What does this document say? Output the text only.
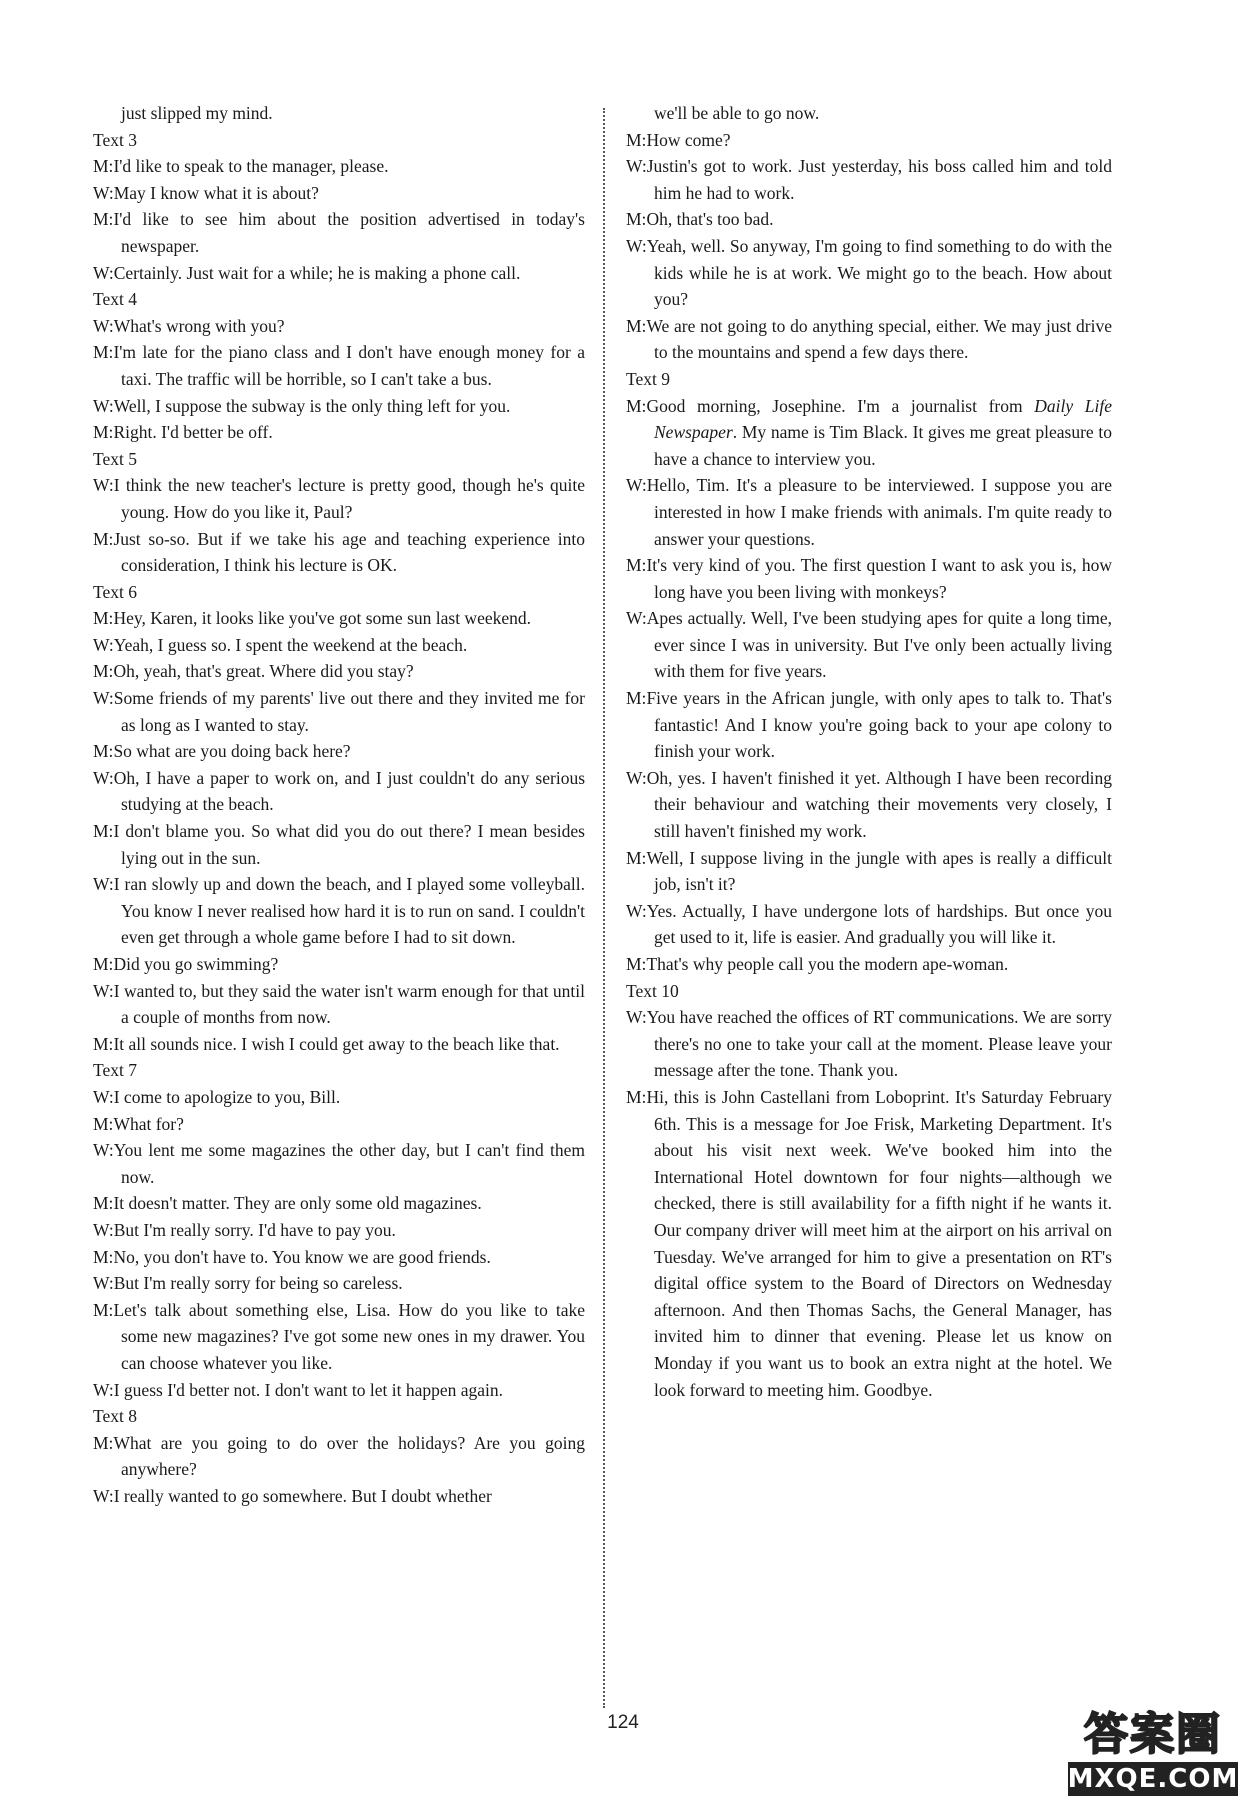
just slipped my mind.
Text 3
M:I'd like to speak to the manager, please.
W:May I know what it is about?
M:I'd like to see him about the position advertised in today's newspaper.
W:Certainly. Just wait for a while; he is making a phone call.
Text 4
W:What's wrong with you?
M:I'm late for the piano class and I don't have enough money for a taxi. The traffic will be horrible, so I can't take a bus.
W:Well, I suppose the subway is the only thing left for you.
M:Right. I'd better be off.
Text 5
W:I think the new teacher's lecture is pretty good, though he's quite young. How do you like it, Paul?
M:Just so-so. But if we take his age and teaching experience into consideration, I think his lecture is OK.
Text 6
M:Hey, Karen, it looks like you've got some sun last weekend.
W:Yeah, I guess so. I spent the weekend at the beach.
M:Oh, yeah, that's great. Where did you stay?
W:Some friends of my parents' live out there and they invited me for as long as I wanted to stay.
M:So what are you doing back here?
W:Oh, I have a paper to work on, and I just couldn't do any serious studying at the beach.
M:I don't blame you. So what did you do out there? I mean besides lying out in the sun.
W:I ran slowly up and down the beach, and I played some volleyball. You know I never realised how hard it is to run on sand. I couldn't even get through a whole game before I had to sit down.
M:Did you go swimming?
W:I wanted to, but they said the water isn't warm enough for that until a couple of months from now.
M:It all sounds nice. I wish I could get away to the beach like that.
Text 7
W:I come to apologize to you, Bill.
M:What for?
W:You lent me some magazines the other day, but I can't find them now.
M:It doesn't matter. They are only some old magazines.
W:But I'm really sorry. I'd have to pay you.
M:No, you don't have to. You know we are good friends.
W:But I'm really sorry for being so careless.
M:Let's talk about something else, Lisa. How do you like to take some new magazines? I've got some new ones in my drawer. You can choose whatever you like.
W:I guess I'd better not. I don't want to let it happen again.
Text 8
M:What are you going to do over the holidays? Are you going anywhere?
W:I really wanted to go somewhere. But I doubt whether
we'll be able to go now.
M:How come?
W:Justin's got to work. Just yesterday, his boss called him and told him he had to work.
M:Oh, that's too bad.
W:Yeah, well. So anyway, I'm going to find something to do with the kids while he is at work. We might go to the beach. How about you?
M:We are not going to do anything special, either. We may just drive to the mountains and spend a few days there.
Text 9
M:Good morning, Josephine. I'm a journalist from Daily Life Newspaper. My name is Tim Black. It gives me great pleasure to have a chance to interview you.
W:Hello, Tim. It's a pleasure to be interviewed. I suppose you are interested in how I make friends with animals. I'm quite ready to answer your questions.
M:It's very kind of you. The first question I want to ask you is, how long have you been living with monkeys?
W:Apes actually. Well, I've been studying apes for quite a long time, ever since I was in university. But I've only been actually living with them for five years.
M:Five years in the African jungle, with only apes to talk to. That's fantastic! And I know you're going back to your ape colony to finish your work.
W:Oh, yes. I haven't finished it yet. Although I have been recording their behaviour and watching their movements very closely, I still haven't finished my work.
M:Well, I suppose living in the jungle with apes is really a difficult job, isn't it?
W:Yes. Actually, I have undergone lots of hardships. But once you get used to it, life is easier. And gradually you will like it.
M:That's why people call you the modern ape-woman.
Text 10
W:You have reached the offices of RT communications. We are sorry there's no one to take your call at the moment. Please leave your message after the tone. Thank you.
M:Hi, this is John Castellani from Loboprint. It's Saturday February 6th. This is a message for Joe Frisk, Marketing Department. It's about his visit next week. We've booked him into the International Hotel downtown for four nights—although we checked, there is still availability for a fifth night if he wants it. Our company driver will meet him at the airport on his arrival on Tuesday. We've arranged for him to give a presentation on RT's digital office system to the Board of Directors on Wednesday afternoon. And then Thomas Sachs, the General Manager, has invited him to dinner that evening. Please let us know on Monday if you want us to book an extra night at the hotel. We look forward to meeting him. Goodbye.
124	答案圈
MXQE.COM
